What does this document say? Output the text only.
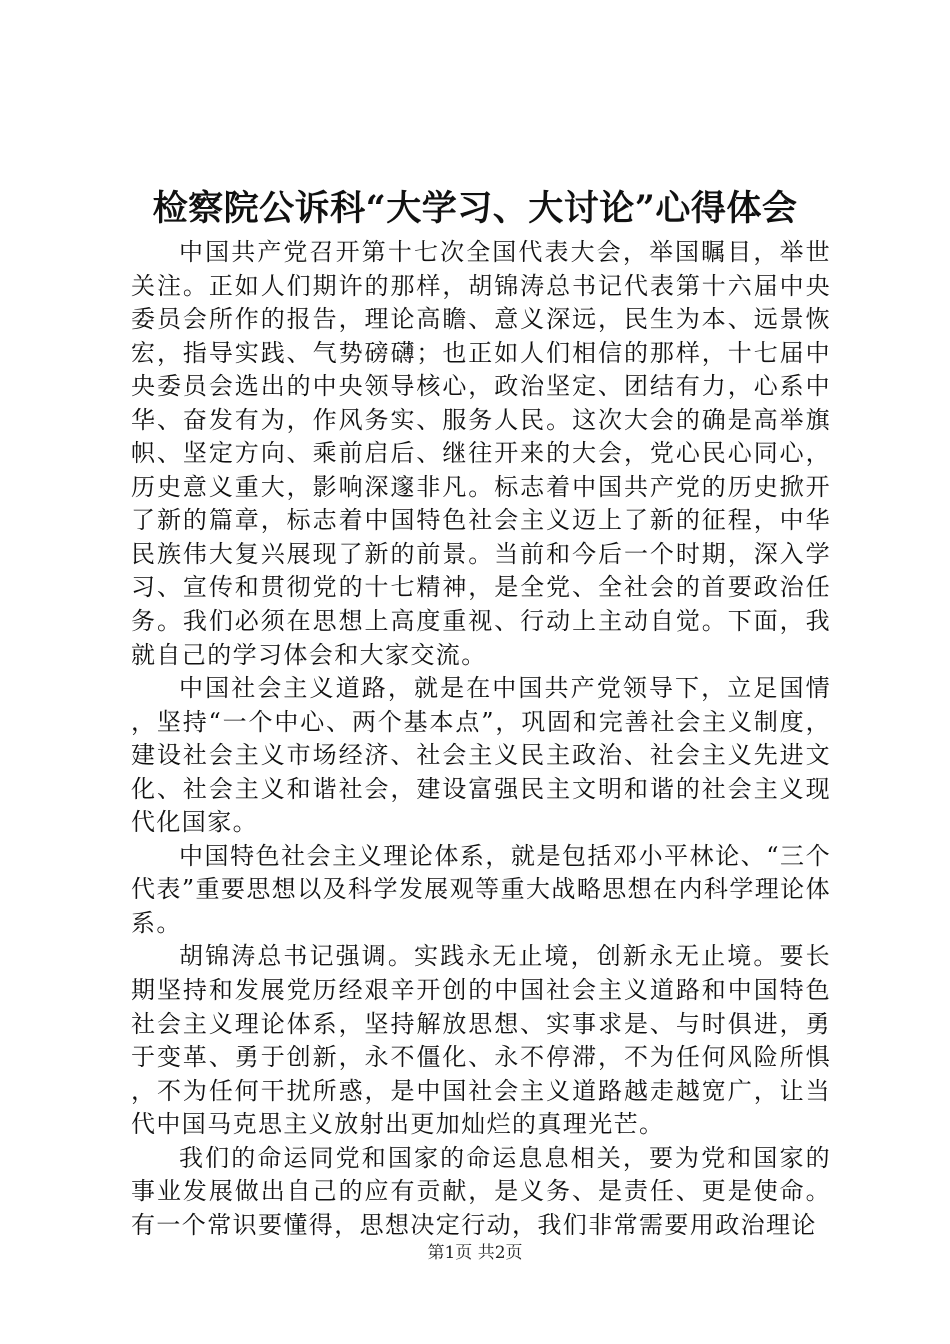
检察院公诉科“大学习、大讨论”心得体会

中国共产党召开第十七次全国代表大会，举国瞩目，举世关注。正如人们期许的那样，胡锦涛总书记代表第十六届中央委员会所作的报告，理论高瞻、意义深远，民生为本、远景恢宏，指导实践、气势磅礴；也正如人们相信的那样，十七届中央委员会选出的中央领导核心，政治坚定、团结有力，心系中华、奋发有为，作风务实、服务人民。这次大会的确是高举旗帜、坚定方向、乘前启后、继往开来的大会，党心民心同心，历史意义重大，影响深邃非凡。标志着中国共产党的历史掀开了新的篇章，标志着中国特色社会主义迈上了新的征程，中华民族伟大复兴展现了新的前景。当前和今后一个时期，深入学习、宣传和贯彻党的十七精神，是全党、全社会的首要政治任务。我们必须在思想上高度重视、行动上主动自觉。下面，我就自己的学习体会和大家交流。

中国社会主义道路，就是在中国共产党领导下，立足国情，坚持“一个中心、两个基本点”，巩固和完善社会主义制度，建设社会主义市场经济、社会主义民主政治、社会主义先进文化、社会主义和谐社会，建设富强民主文明和谐的社会主义现代化国家。

中国特色社会主义理论体系，就是包括邓小平林论、“三个代表”重要思想以及科学发展观等重大战略思想在内科学理论体系。

胡锦涛总书记强调。实践永无止境，创新永无止境。要长期坚持和发展党历经艰辛开创的中国社会主义道路和中国特色社会主义理论体系，坚持解放思想、实事求是、与时俱进，勇于变革、勇于创新，永不僵化、永不停滞，不为任何风险所惧，不为任何干扰所惑，是中国社会主义道路越走越宽广，让当代中国马克思主义放射出更加灿烂的真理光芒。

我们的命运同党和国家的命运息息相关，要为党和国家的事业发展做出自己的应有贡献，是义务、是责任、更是使命。有一个常识要懂得，思想决定行动，我们非常需要用政治理论

第1页 共2页
